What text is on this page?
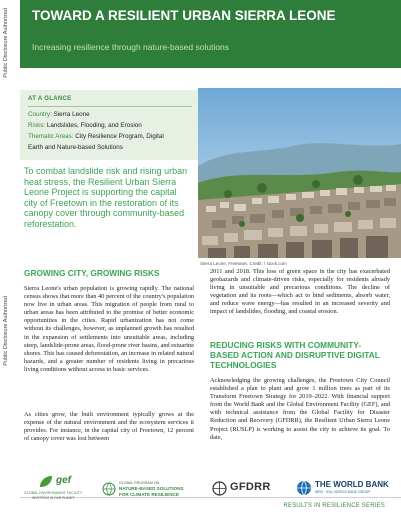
Public Disclosure Authorized
Public Disclosure Authorized
TOWARD A RESILIENT URBAN SIERRA LEONE
Increasing resilience through nature-based solutions
AT A GLANCE
Country: Sierra Leone
Risks: Landslides, Flooding, and Erosion
Thematic Areas: City Resilience Program, Digital
Earth and Nature-based Solutions
To combat landslide risk and rising urban heat stress, the Resilient Urban Sierra Leone Project is supporting the capital city of Freetown in the restoration of its canopy cover through community-based reforestation.
Sierra Leone, Freetown. Credit: / stock.com
GROWING CITY, GROWING RISKS
Sierra Leone's urban population is growing rapidly. The national census shows that more than 40 percent of the country's population now live in urban areas. This migration of people from rural to urban areas has been attributed to the promise of better economic opportunities in the cities. Rapid urbanization has not come without its challenges, however, as unplanned growth has resulted in the expansion of settlements into unsuitable areas, including steep, landslide-prone areas, flood-prone river basins, and estuarine shores. This has caused deforestation, an increase in related natural hazards, and a greater number of residents living in precarious living conditions without access to basic services.
As cities grow, the built environment typically grows at the expense of the natural environment and the ecosystem services it provides. For instance, in the capital city of Freetown, 12 percent of canopy cover was lost between
2011 and 2018. This loss of green space in the city has exacerbated geohazards and climate-driven risks, especially for residents already living in unsuitable and precarious conditions. The decline of vegetation and its roots—which act to bind sediments, absorb water, and reduce wave energy—has resulted in an increased severity and impact of landslides, flooding, and coastal erosion.
REDUCING RISKS WITH COMMUNITY-BASED ACTION AND DISRUPTIVE DIGITAL TECHNOLOGIES
Acknowledging the growing challenges, the Freetown City Council established a plan to plant and grow 1 million trees as part of its Transform Freetown Strategy for 2019–2022. With financial support from the World Bank and the Global Environment Facility (GEF), and with technical assistance from the Global Facility for Disaster Reduction and Recovery (GFDRR), the Resilient Urban Sierra Leone Project (RUSLP) is working to assist the city to achieve its goal. To date,
gef
GLOBAL ENVIRONMENT FACILITY
INVESTING IN OUR PLANET
GLOBAL PROGRAM ON
NATURE-BASED SOLUTIONS
FOR CLIMATE RESILIENCE
GFDRR	THE WORLD BANK
IBRD · IDA | WORLD BANK GROUP
RESULTS IN RESILIENCE SERIES
